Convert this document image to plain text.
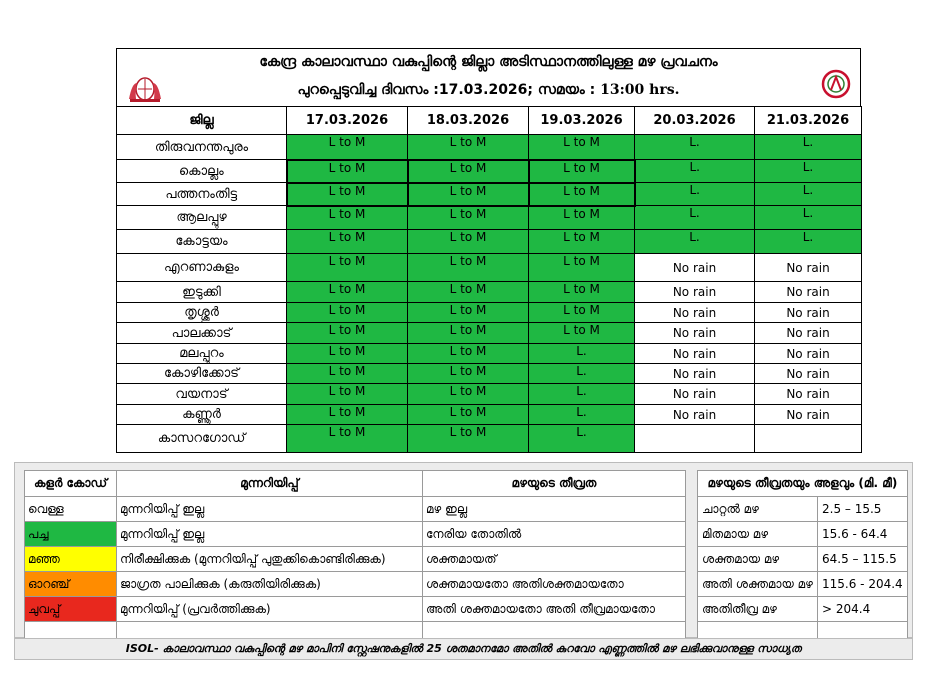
കേന്ദ്ര കാലാവസ്ഥാ വകുപ്പിന്റെ ജില്ലാ അടിസ്ഥാനത്തിലുള്ള മഴ പ്രവചനം
പുറപ്പെടുവിച്ച ദിവസം :17.03.2026; സമയം : 13:00 hrs.
ജില്ല	17.03.2026	18.03.2026	19.03.2026	20.03.2026	21.03.2026
തിരുവനന്തപുരം	L to M	L to M	L to M	L.	L.
കൊല്ലം	L to M	L to M	L to M	L.	L.
പത്തനംതിട്ട	L to M	L to M	L to M	L.	L.
ആലപ്പുഴ	L to M	L to M	L to M	L.	L.
കോട്ടയം	L to M	L to M	L to M	L.	L.
എറണാകുളം	L to M	L to M	L to M	No rain	No rain
ഇടുക്കി	L to M	L to M	L to M	No rain	No rain
തൃശ്ശൂർ	L to M	L to M	L to M	No rain	No rain
പാലക്കാട്	L to M	L to M	L to M	No rain	No rain
മലപ്പുറം	L to M	L to M	L.	No rain	No rain
കോഴിക്കോട്	L to M	L to M	L.	No rain	No rain
വയനാട്	L to M	L to M	L.	No rain	No rain
കണ്ണൂർ	L to M	L to M	L.	No rain	No rain
കാസറഗോഡ്	L to M	L to M	L.		
കളർ കോഡ്	മുന്നറിയിപ്പ്	മഴയുടെ തീവ്രത
വെള്ള	മുന്നറിയിപ്പ് ഇല്ല	മഴ ഇല്ല
പച്ച	മുന്നറിയിപ്പ് ഇല്ല	നേരിയ തോതിൽ
മഞ്ഞ	നിരീക്ഷിക്കുക (മുന്നറിയിപ്പ് പുതുക്കികൊണ്ടിരിക്കുക)	ശക്തമായത്
ഓറഞ്ച്	ജാഗ്രത പാലിക്കുക (കരുതിയിരിക്കുക)	ശക്തമായതോ അതിശക്തമായതോ
ചുവപ്പ്	മുന്നറിയിപ്പ് (പ്രവർത്തിക്കുക)	അതി ശക്തമായതോ അതി തീവ്രമായതോ

മഴയുടെ തീവ്രതയും അളവും (മി. മീ)	
ചാറ്റൽ മഴ	2.5 – 15.5
മിതമായ മഴ	15.6 - 64.4
ശക്തമായ മഴ	64.5 – 115.5
അതി ശക്തമായ മഴ	115.6 - 204.4
അതിതീവ്ര മഴ	> 204.4

ISOL- കാലാവസ്ഥാ വകുപ്പിന്റെ മഴ മാപിനി സ്റ്റേഷനുകളിൽ 25 ശതമാനമോ അതിൽ കുറവോ എണ്ണത്തിൽ മഴ ലഭിക്കുവാനുള്ള സാധ്യത
